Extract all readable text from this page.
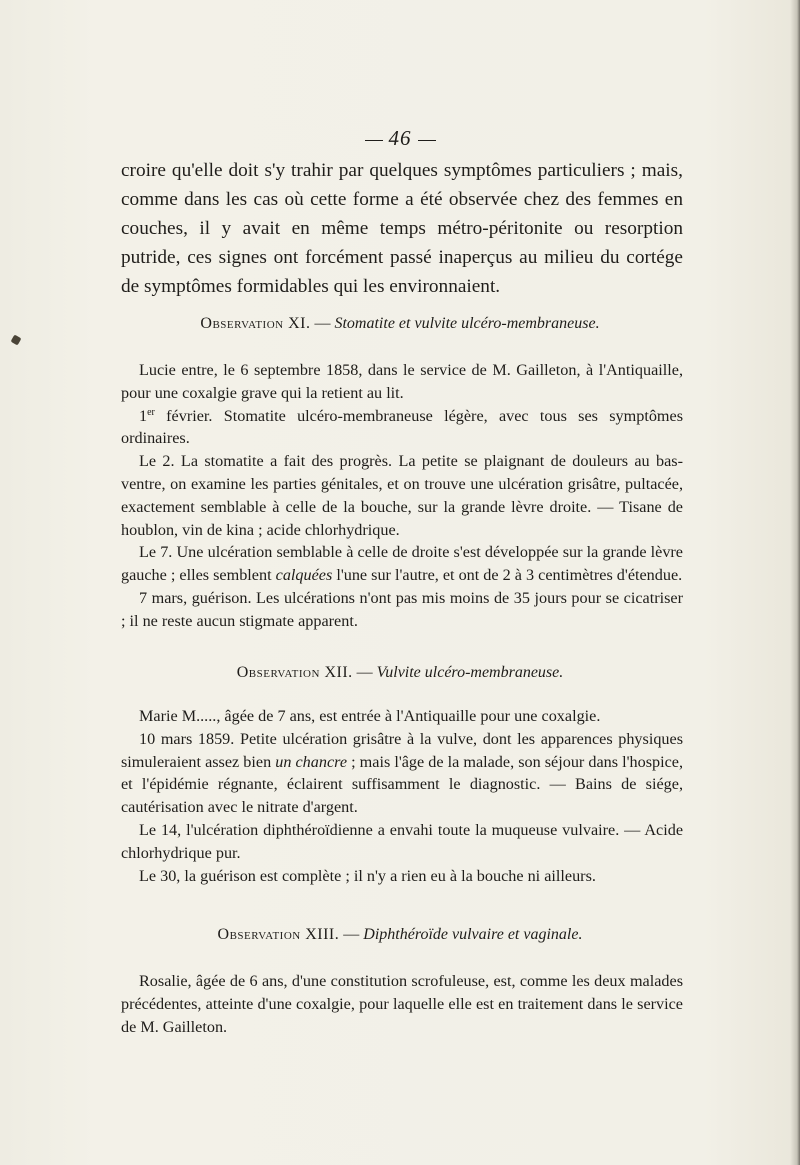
46

croire qu'elle doit s'y trahir par quelques symptômes particuliers ; mais, comme dans les cas où cette forme a été observée chez des femmes en couches, il y avait en même temps métro-péritonite ou resorption putride, ces signes ont forcément passé inaperçus au milieu du cortége de symptômes formidables qui les environnaient.

Observation XI. — Stomatite et vulvite ulcéro-membraneuse.

Lucie entre, le 6 septembre 1858, dans le service de M. Gailleton, à l'Antiquaille, pour une coxalgie grave qui la retient au lit.

1er février. Stomatite ulcéro-membraneuse légère, avec tous ses symptômes ordinaires.

Le 2. La stomatite a fait des progrès. La petite se plaignant de douleurs au bas-ventre, on examine les parties génitales, et on trouve une ulcération grisâtre, pultacée, exactement semblable à celle de la bouche, sur la grande lèvre droite. — Tisane de houblon, vin de kina ; acide chlorhydrique.

Le 7. Une ulcération semblable à celle de droite s'est développée sur la grande lèvre gauche ; elles semblent calquées l'une sur l'autre, et ont de 2 à 3 centimètres d'étendue.

7 mars, guérison. Les ulcérations n'ont pas mis moins de 35 jours pour se cicatriser ; il ne reste aucun stigmate apparent.

Observation XII. — Vulvite ulcéro-membraneuse.

Marie M....., âgée de 7 ans, est entrée à l'Antiquaille pour une coxalgie.

10 mars 1859. Petite ulcération grisâtre à la vulve, dont les apparences physiques simuleraient assez bien un chancre ; mais l'âge de la malade, son séjour dans l'hospice, et l'épidémie régnante, éclairent suffisamment le diagnostic. — Bains de siége, cautérisation avec le nitrate d'argent.

Le 14, l'ulcération diphthéroïdienne a envahi toute la muqueuse vulvaire. — Acide chlorhydrique pur.

Le 30, la guérison est complète ; il n'y a rien eu à la bouche ni ailleurs.

Observation XIII. — Diphthéroïde vulvaire et vaginale.

Rosalie, âgée de 6 ans, d'une constitution scrofuleuse, est, comme les deux malades précédentes, atteinte d'une coxalgie, pour laquelle elle est en traitement dans le service de M. Gailleton.
